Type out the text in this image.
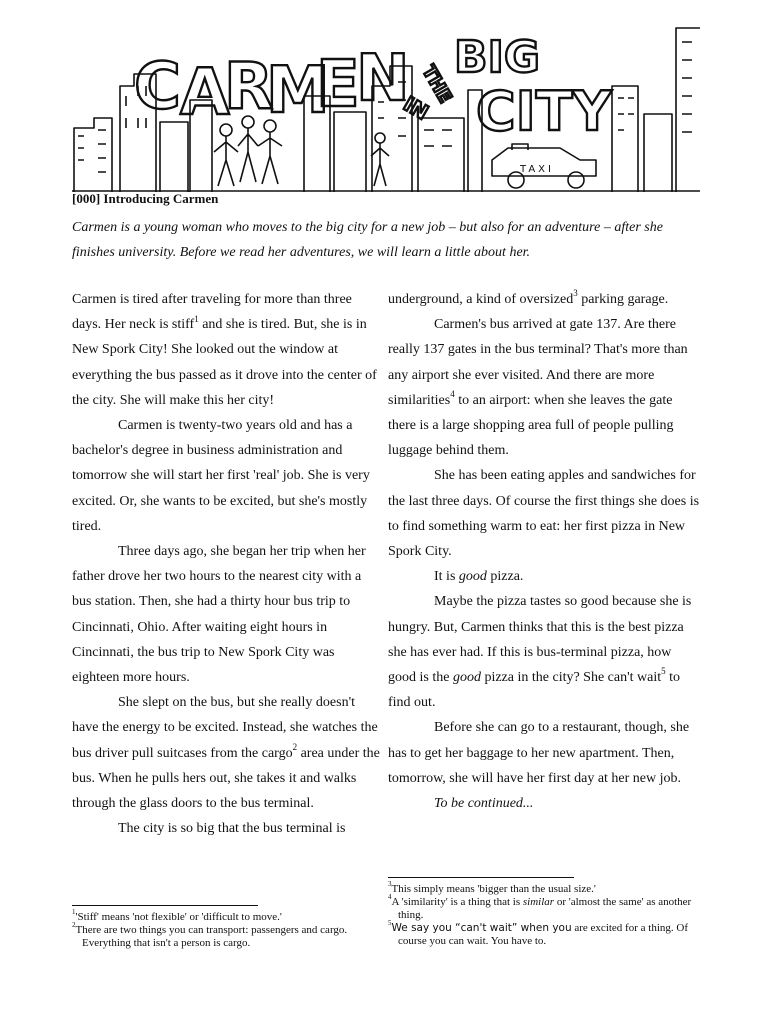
C A
R
M
E
N
IN
THE
BIG
CITY
TAXI
[000] Introducing Carmen

Carmen is a young woman who moves to the big city for a new job – but also for an adventure – after she finishes university. Before we read her adventures, we will learn a little about her.

Carmen is tired after traveling for more than three days. Her neck is stiff$^1$ and she is tired. But, she is in New Spork City! She looked out the window at everything the bus passed as it drove into the center of the city. She will make this her city!

Carmen is twenty-two years old and has a bachelor's degree in business administration and tomorrow she will start her first 'real' job. She is very excited. Or, she wants to be excited, but she's mostly tired.

Three days ago, she began her trip when her father drove her two hours to the nearest city with a bus station. Then, she had a thirty hour bus trip to Cincinnati, Ohio. After waiting eight hours in Cincinnati, the bus trip to New Spork City was eighteen more hours.

She slept on the bus, but she really doesn't have the energy to be excited. Instead, she watches the bus driver pull suitcases from the cargo$^2$ area under the bus. When he pulls hers out, she takes it and walks through the glass doors to the bus terminal.

The city is so big that the bus terminal is

underground, a kind of oversized$^3$ parking garage.

Carmen's bus arrived at gate 137. Are there really 137 gates in the bus terminal? That's more than any airport she ever visited. And there are more similarities$^4$ to an airport: when she leaves the gate there is a large shopping area full of people pulling luggage behind them.

She has been eating apples and sandwiches for the last three days. Of course the first things she does is to find something warm to eat: her first pizza in New Spork City.

It is good pizza.

Maybe the pizza tastes so good because she is hungry. But, Carmen thinks that this is the best pizza she has ever had. If this is bus-terminal pizza, how good is the good pizza in the city? She can't wait$^5$ to find out.

Before she can go to a restaurant, though, she has to get her baggage to her new apartment. Then, tomorrow, she will have her first day at her new job.

To be continued...

$^1$'Stiff' means 'not flexible' or 'difficult to move.'

$^2$There are two things you can transport: passengers and cargo. Everything that isn't a person is cargo.

$^3$This simply means 'bigger than the usual size.'

$^4$A 'similarity' is a thing that is similar or 'almost the same' as another thing.

$^5$We say you “can't wait” when you are excited for a thing. Of course you can wait. You have to.
